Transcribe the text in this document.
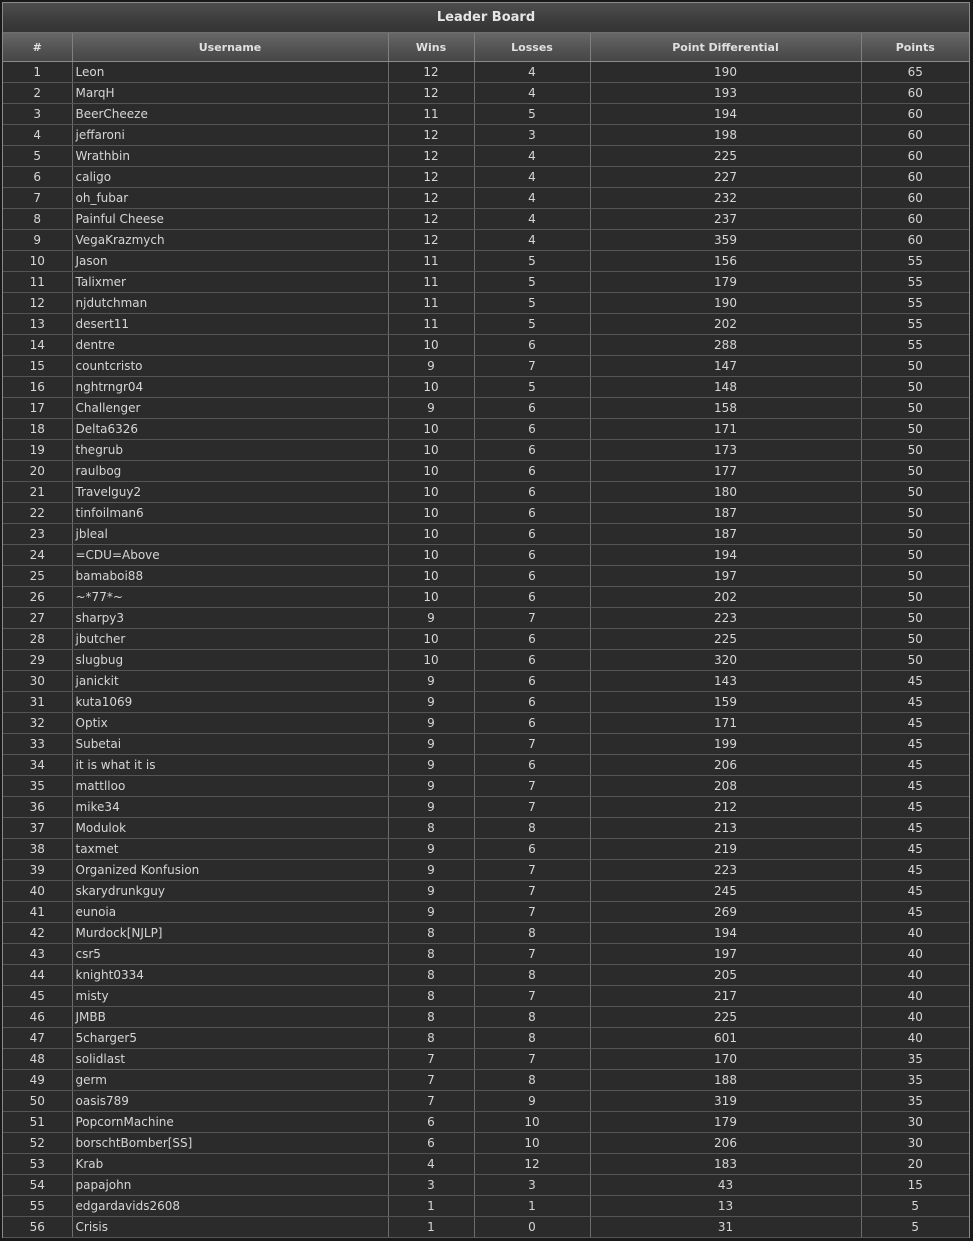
Leader Board
#	Username	Wins	Losses	Point Differential	Points
1	Leon	12	4	190	65
2	MarqH	12	4	193	60
3	BeerCheeze	11	5	194	60
4	jeffaroni	12	3	198	60
5	Wrathbin	12	4	225	60
6	caligo	12	4	227	60
7	oh_fubar	12	4	232	60
8	Painful Cheese	12	4	237	60
9	VegaKrazmych	12	4	359	60
10	Jason	11	5	156	55
11	Talixmer	11	5	179	55
12	njdutchman	11	5	190	55
13	desert11	11	5	202	55
14	dentre	10	6	288	55
15	countcristo	9	7	147	50
16	nghtrngr04	10	5	148	50
17	Challenger	9	6	158	50
18	Delta6326	10	6	171	50
19	thegrub	10	6	173	50
20	raulbog	10	6	177	50
21	Travelguy2	10	6	180	50
22	tinfoilman6	10	6	187	50
23	jbleal	10	6	187	50
24	=CDU=Above	10	6	194	50
25	bamaboi88	10	6	197	50
26	~*77*~	10	6	202	50
27	sharpy3	9	7	223	50
28	jbutcher	10	6	225	50
29	slugbug	10	6	320	50
30	janickit	9	6	143	45
31	kuta1069	9	6	159	45
32	Optix	9	6	171	45
33	Subetai	9	7	199	45
34	it is what it is	9	6	206	45
35	mattlloo	9	7	208	45
36	mike34	9	7	212	45
37	Modulok	8	8	213	45
38	taxmet	9	6	219	45
39	Organized Konfusion	9	7	223	45
40	skarydrunkguy	9	7	245	45
41	eunoia	9	7	269	45
42	Murdock[NJLP]	8	8	194	40
43	csr5	8	7	197	40
44	knight0334	8	8	205	40
45	misty	8	7	217	40
46	JMBB	8	8	225	40
47	5charger5	8	8	601	40
48	solidlast	7	7	170	35
49	germ	7	8	188	35
50	oasis789	7	9	319	35
51	PopcornMachine	6	10	179	30
52	borschtBomber[SS]	6	10	206	30
53	Krab	4	12	183	20
54	papajohn	3	3	43	15
55	edgardavids2608	1	1	13	5
56	Crisis	1	0	31	5
